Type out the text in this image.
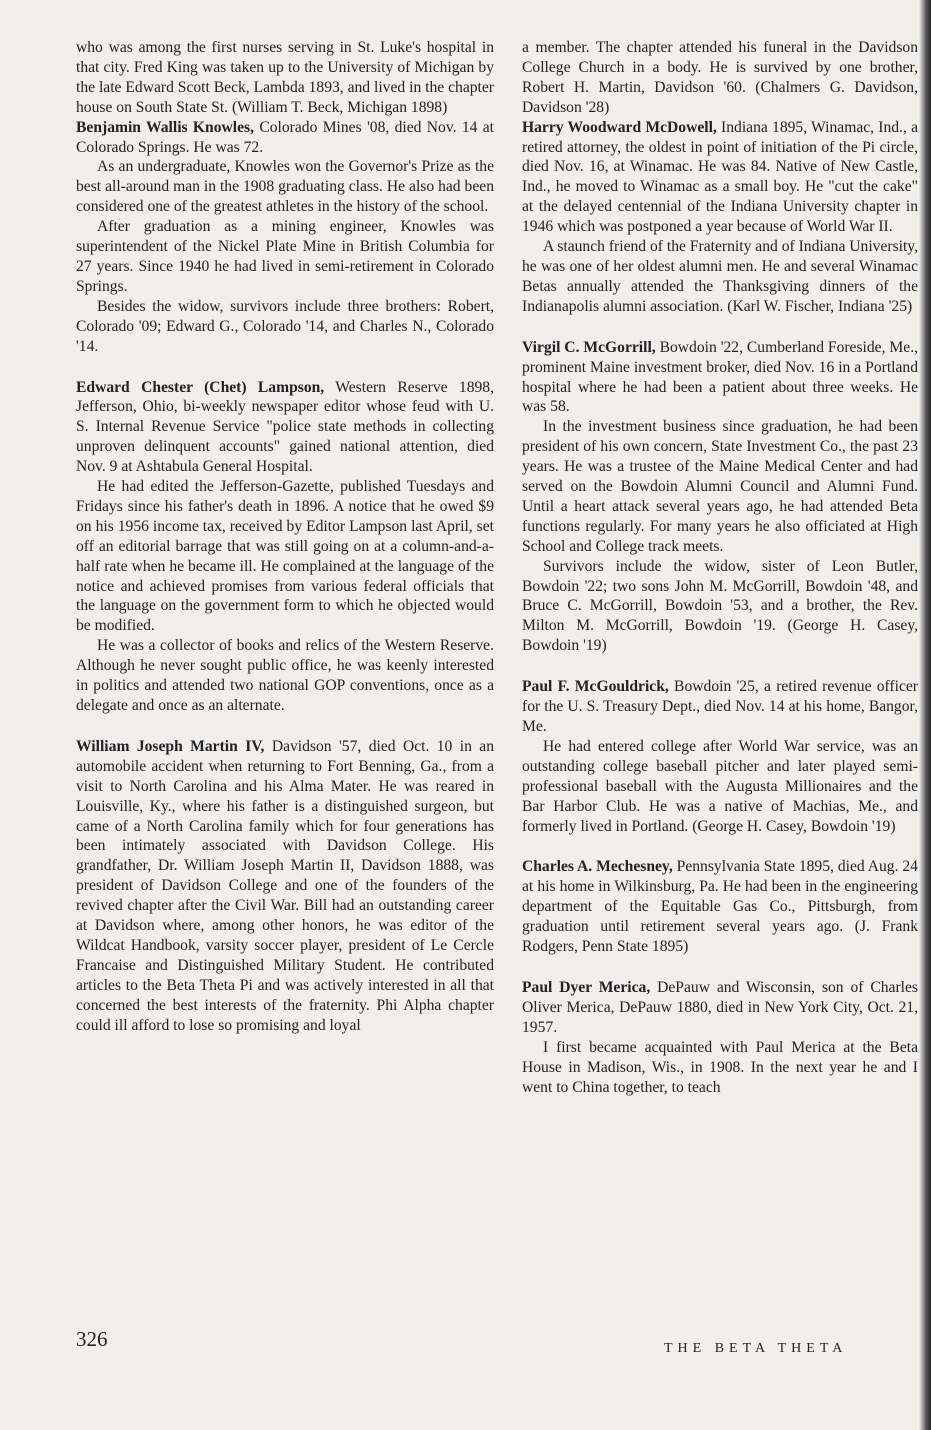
who was among the first nurses serving in St. Luke's hospital in that city. Fred King was taken up to the University of Michigan by the late Edward Scott Beck, Lambda 1893, and lived in the chapter house on South State St. (William T. Beck, Michigan 1898)

Benjamin Wallis Knowles, Colorado Mines '08, died Nov. 14 at Colorado Springs. He was 72.

As an undergraduate, Knowles won the Governor's Prize as the best all-around man in the 1908 graduating class. He also had been considered one of the greatest athletes in the history of the school.

After graduation as a mining engineer, Knowles was superintendent of the Nickel Plate Mine in British Columbia for 27 years. Since 1940 he had lived in semi-retirement in Colorado Springs.

Besides the widow, survivors include three brothers: Robert, Colorado '09; Edward G., Colorado '14, and Charles N., Colorado '14.

Edward Chester (Chet) Lampson, Western Reserve 1898, Jefferson, Ohio, bi-weekly newspaper editor whose feud with U. S. Internal Revenue Service "police state methods in collecting unproven delinquent accounts" gained national attention, died Nov. 9 at Ashtabula General Hospital.

He had edited the Jefferson-Gazette, published Tuesdays and Fridays since his father's death in 1896. A notice that he owed $9 on his 1956 income tax, received by Editor Lampson last April, set off an editorial barrage that was still going on at a column-and-a-half rate when he became ill. He complained at the language of the notice and achieved promises from various federal officials that the language on the government form to which he objected would be modified.

He was a collector of books and relics of the Western Reserve. Although he never sought public office, he was keenly interested in politics and attended two national GOP conventions, once as a delegate and once as an alternate.

William Joseph Martin IV, Davidson '57, died Oct. 10 in an automobile accident when returning to Fort Benning, Ga., from a visit to North Carolina and his Alma Mater. He was reared in Louisville, Ky., where his father is a distinguished surgeon, but came of a North Carolina family which for four generations has been intimately associated with Davidson College. His grandfather, Dr. William Joseph Martin II, Davidson 1888, was president of Davidson College and one of the founders of the revived chapter after the Civil War. Bill had an outstanding career at Davidson where, among other honors, he was editor of the Wildcat Handbook, varsity soccer player, president of Le Cercle Francaise and Distinguished Military Student. He contributed articles to the Beta Theta Pi and was actively interested in all that concerned the best interests of the fraternity. Phi Alpha chapter could ill afford to lose so promising and loyal

a member. The chapter attended his funeral in the Davidson College Church in a body. He is survived by one brother, Robert H. Martin, Davidson '60. (Chalmers G. Davidson, Davidson '28)

Harry Woodward McDowell, Indiana 1895, Winamac, Ind., a retired attorney, the oldest in point of initiation of the Pi circle, died Nov. 16, at Winamac. He was 84. Native of New Castle, Ind., he moved to Winamac as a small boy. He "cut the cake" at the delayed centennial of the Indiana University chapter in 1946 which was postponed a year because of World War II.

A staunch friend of the Fraternity and of Indiana University, he was one of her oldest alumni men. He and several Winamac Betas annually attended the Thanksgiving dinners of the Indianapolis alumni association. (Karl W. Fischer, Indiana '25)

Virgil C. McGorrill, Bowdoin '22, Cumberland Foreside, Me., prominent Maine investment broker, died Nov. 16 in a Portland hospital where he had been a patient about three weeks. He was 58.

In the investment business since graduation, he had been president of his own concern, State Investment Co., the past 23 years. He was a trustee of the Maine Medical Center and had served on the Bowdoin Alumni Council and Alumni Fund. Until a heart attack several years ago, he had attended Beta functions regularly. For many years he also officiated at High School and College track meets.

Survivors include the widow, sister of Leon Butler, Bowdoin '22; two sons John M. McGorrill, Bowdoin '48, and Bruce C. McGorrill, Bowdoin '53, and a brother, the Rev. Milton M. McGorrill, Bowdoin '19. (George H. Casey, Bowdoin '19)

Paul F. McGouldrick, Bowdoin '25, a retired revenue officer for the U. S. Treasury Dept., died Nov. 14 at his home, Bangor, Me.

He had entered college after World War service, was an outstanding college baseball pitcher and later played semi-professional baseball with the Augusta Millionaires and the Bar Harbor Club. He was a native of Machias, Me., and formerly lived in Portland. (George H. Casey, Bowdoin '19)

Charles A. Mechesney, Pennsylvania State 1895, died Aug. 24 at his home in Wilkinsburg, Pa. He had been in the engineering department of the Equitable Gas Co., Pittsburgh, from graduation until retirement several years ago. (J. Frank Rodgers, Penn State 1895)

Paul Dyer Merica, DePauw and Wisconsin, son of Charles Oliver Merica, DePauw 1880, died in New York City, Oct. 21, 1957.

I first became acquainted with Paul Merica at the Beta House in Madison, Wis., in 1908. In the next year he and I went to China together, to teach

326	THE BETA THETA
